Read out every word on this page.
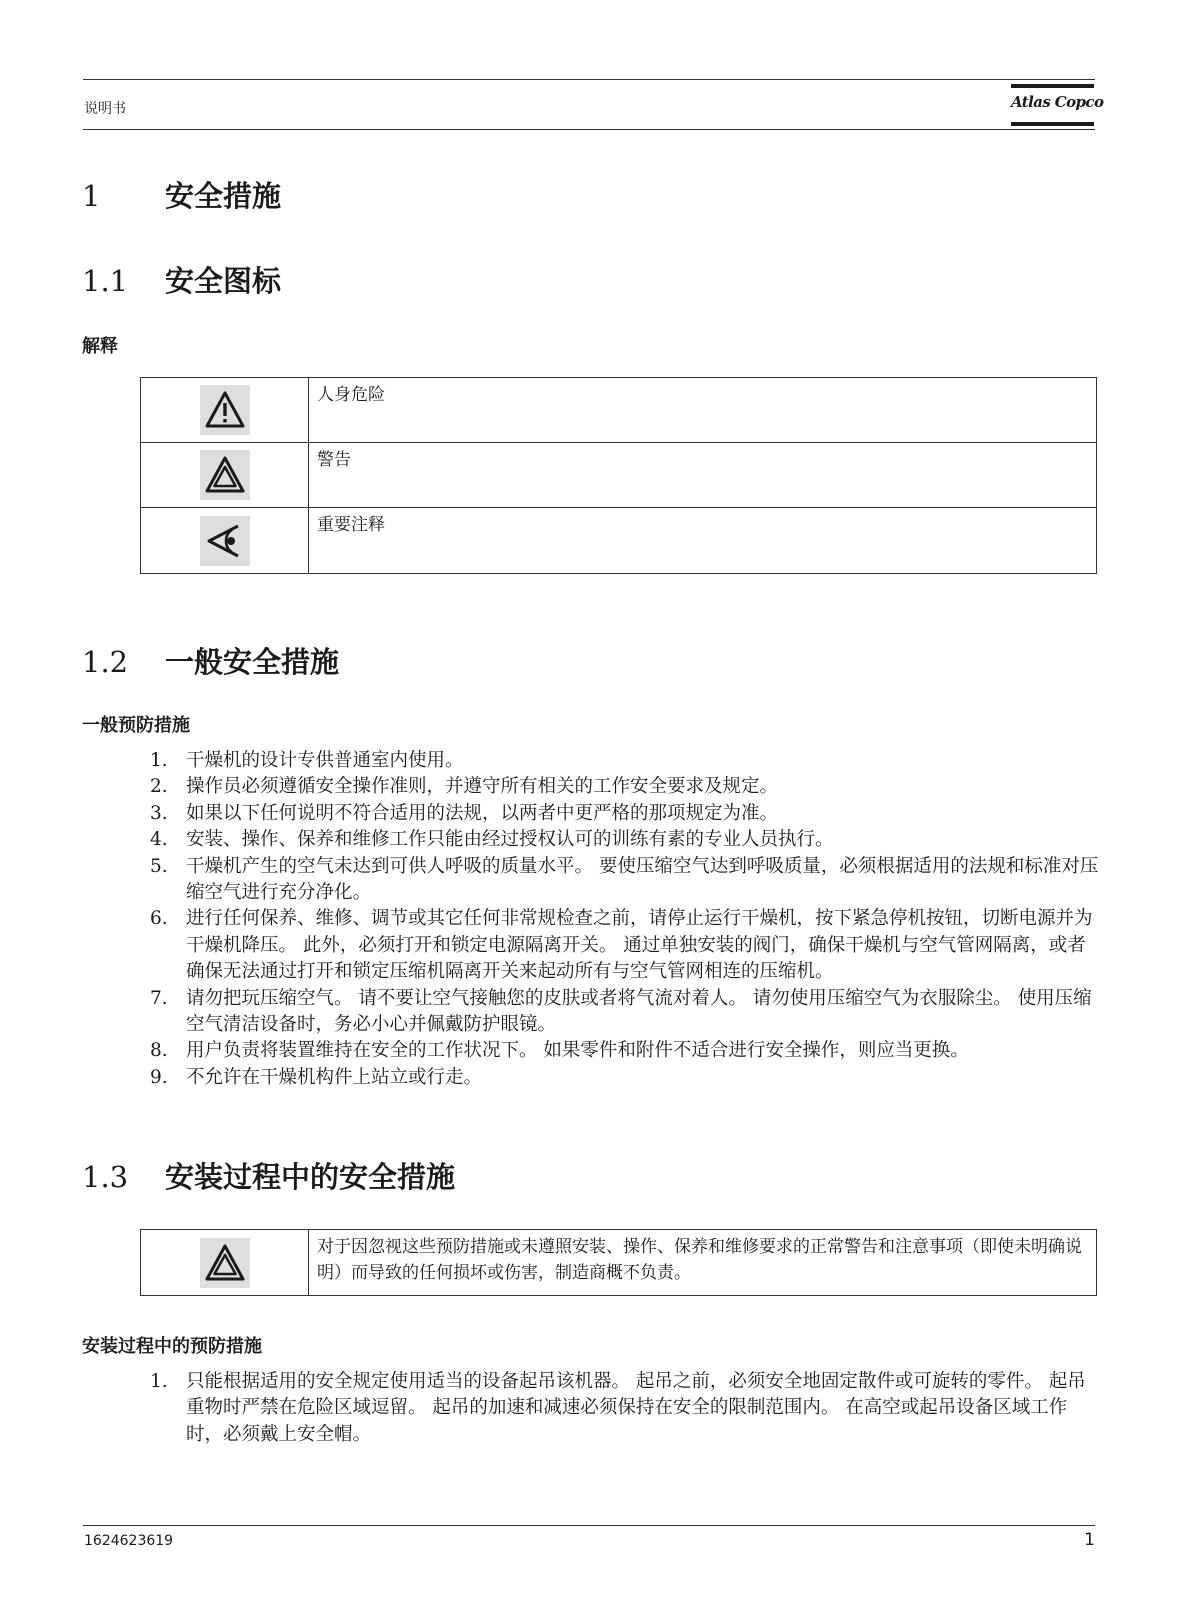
说明书	Atlas Copco
1 安全措施
1.1 安全图标
解释
人身危险
警告
重要注释
1.2 一般安全措施
一般预防措施
1. 干燥机的设计专供普通室内使用。
2. 操作员必须遵循安全操作准则，并遵守所有相关的工作安全要求及规定。
3. 如果以下任何说明不符合适用的法规，以两者中更严格的那项规定为准。
4. 安装、操作、保养和维修工作只能由经过授权认可的训练有素的专业人员执行。
5. 干燥机产生的空气未达到可供人呼吸的质量水平。 要使压缩空气达到呼吸质量，必须根据适用的法规和标准对压缩空气进行充分净化。
6. 进行任何保养、维修、调节或其它任何非常规检查之前，请停止运行干燥机，按下紧急停机按钮，切断电源并为干燥机降压。 此外，必须打开和锁定电源隔离开关。 通过单独安装的阀门，确保干燥机与空气管网隔离，或者确保无法通过打开和锁定压缩机隔离开关来起动所有与空气管网相连的压缩机。
7. 请勿把玩压缩空气。 请不要让空气接触您的皮肤或者将气流对着人。 请勿使用压缩空气为衣服除尘。 使用压缩空气清洁设备时，务必小心并佩戴防护眼镜。
8. 用户负责将装置维持在安全的工作状况下。 如果零件和附件不适合进行安全操作，则应当更换。
9. 不允许在干燥机构件上站立或行走。
1.3 安装过程中的安全措施
对于因忽视这些预防措施或未遵照安装、操作、保养和维修要求的正常警告和注意事项（即使未明确说明）而导致的任何损坏或伤害，制造商概不负责。
安装过程中的预防措施
1. 只能根据适用的安全规定使用适当的设备起吊该机器。 起吊之前，必须安全地固定散件或可旋转的零件。 起吊重物时严禁在危险区域逗留。 起吊的加速和减速必须保持在安全的限制范围内。 在高空或起吊设备区域工作时，必须戴上安全帽。
1624623619	1
